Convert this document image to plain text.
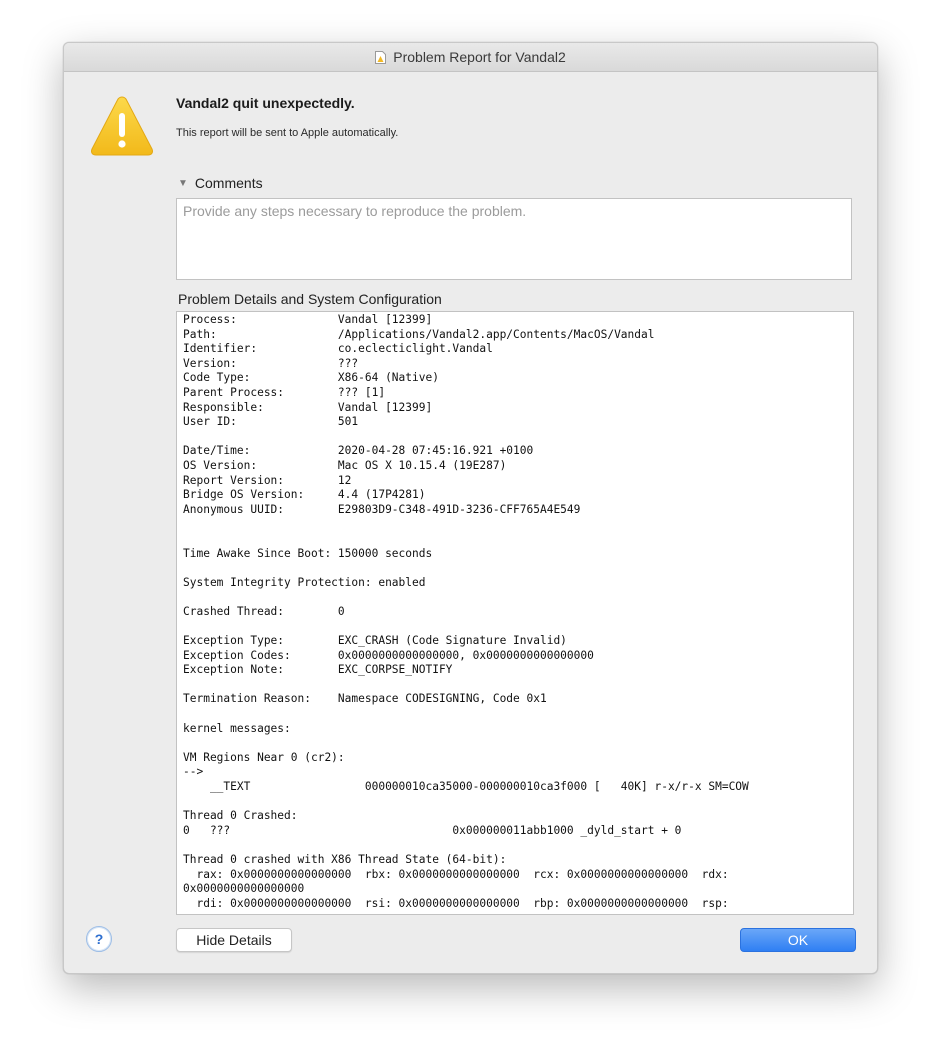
Problem Report for Vandal2
Vandal2 quit unexpectedly.
This report will be sent to Apple automatically.
▼ Comments
Provide any steps necessary to reproduce the problem.
Problem Details and System Configuration
Process:               Vandal [12399]
Path:                  /Applications/Vandal2.app/Contents/MacOS/Vandal
Identifier:            co.eclecticlight.Vandal
Version:               ???
Code Type:             X86-64 (Native)
Parent Process:        ??? [1]
Responsible:           Vandal [12399]
User ID:               501

Date/Time:             2020-04-28 07:45:16.921 +0100
OS Version:            Mac OS X 10.15.4 (19E287)
Report Version:        12
Bridge OS Version:     4.4 (17P4281)
Anonymous UUID:        E29803D9-C348-491D-3236-CFF765A4E549

Time Awake Since Boot: 150000 seconds

System Integrity Protection: enabled

Crashed Thread:        0

Exception Type:        EXC_CRASH (Code Signature Invalid)
Exception Codes:       0x0000000000000000, 0x0000000000000000
Exception Note:        EXC_CORPSE_NOTIFY

Termination Reason:    Namespace CODESIGNING, Code 0x1

kernel messages:

VM Regions Near 0 (cr2):
-->
__TEXT                 000000010ca35000-000000010ca3f000 [   40K] r-x/r-x SM=COW

Thread 0 Crashed:
0   ???                                 0x000000011abb1000 _dyld_start + 0

Thread 0 crashed with X86 Thread State (64-bit):
rax: 0x0000000000000000  rbx: 0x0000000000000000  rcx: 0x0000000000000000  rdx:
0x0000000000000000
rdi: 0x0000000000000000  rsi: 0x0000000000000000  rbp: 0x0000000000000000  rsp:
?	Hide Details	OK
